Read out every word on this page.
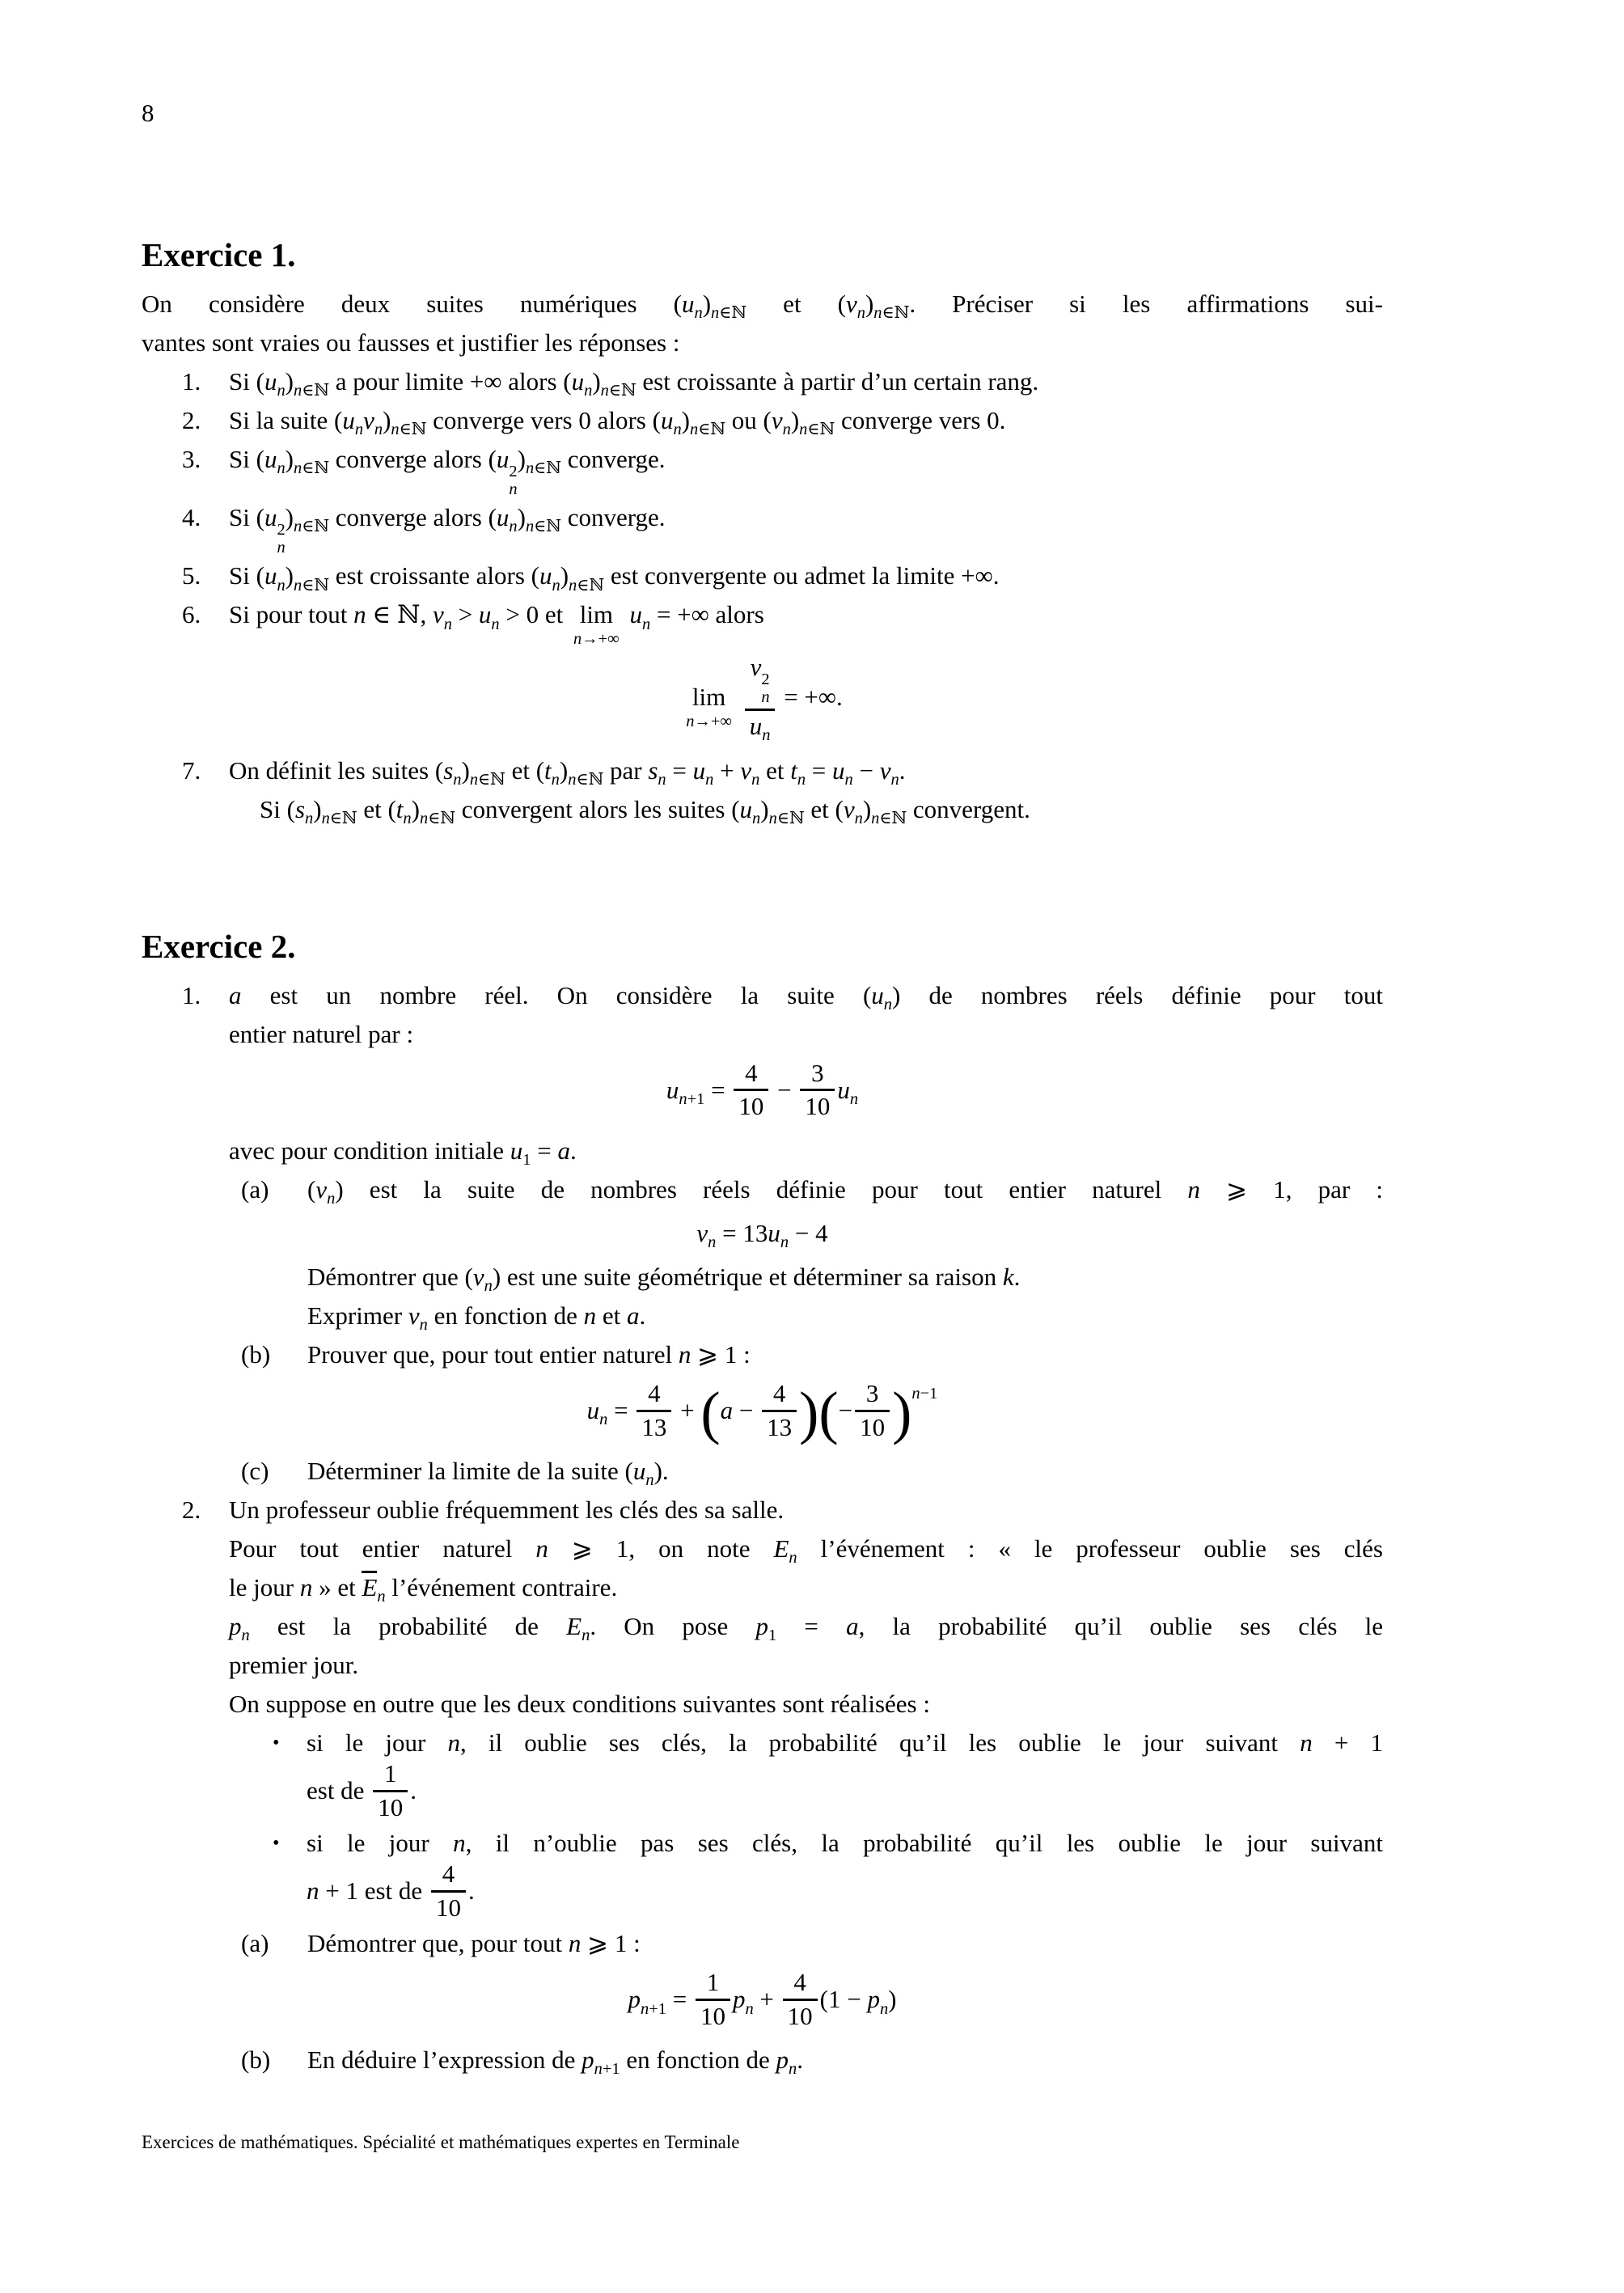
8
Exercice 1.
On considère deux suites numériques $(u_n)_{n\in ℕ}$ et $(v_n)_{n\in ℕ}$. Préciser si les affirmations sui-
vantes sont vraies ou fausses et justifier les réponses :
1. Si $(u_n)_{n\in ℕ}$ a pour limite +∞ alors $(u_n)_{n\in ℕ}$ est croissante à partir d’un certain rang.
2. Si la suite $(u_nv_n)_{n\in ℕ}$ converge vers 0 alors $(u_n)_{n\in ℕ}$ ou $(v_n)_{n\in ℕ}$ converge vers 0.
3. Si $(u_n)_{n\in ℕ}$ converge alors (u 2
n
)$_{n\in ℕ}$ converge.
4. Si (u 2
n
)$_{n\in ℕ}$ converge alors $(u_n)_{n\in ℕ}$ converge.
5. Si $(u_n)_{n\in ℕ}$ est croissante alors $(u_n)_{n\in ℕ}$ est convergente ou admet la limite +∞.
6. Si pour tout n ∈ ℕ, $v_n > u_n > 0$ et lim
n→+∞
$u_n$ = +∞ alors
lim
n→+∞
v 2
n
$u_n$ = +∞.
7. On définit les suites $(s_n)_{n\in ℕ}$ et $(t_n)_{n\in ℕ}$ par $s_n = u_n + v_n$ et $t_n = u_n - v_n$.
Si $(s_n)_{n\in ℕ}$ et $(t_n)_{n\in ℕ}$ convergent alors les suites $(u_n)_{n\in ℕ}$ et $(v_n)_{n\in ℕ}$ convergent.
Exercice 2.
1. a est un nombre réel. On considère la suite $(u_n)$ de nombres réels définie pour tout
entier naturel par :
$u_{n+1} = \frac{4}{10} - \frac{3}{10} u_n$
avec pour condition initiale $u_1 = a$.
(a) $(v_n)$ est la suite de nombres réels définie pour tout entier naturel n ⩾ 1, par :
$v_n = 13u_n - 4$
Démontrer que $(v_n)$ est une suite géométrique et déterminer sa raison k.
Exprimer $v_n$ en fonction de n et a.
(b) Prouver que, pour tout entier naturel n ⩾ 1 :
$u_n = \frac{4}{13} + (a - \frac{4}{13}$ )(− $\frac{3}{10} )^{n-1}$
(c) Déterminer la limite de la suite $(u_n)$.
2. Un professeur oublie fréquemment les clés des sa salle.
Pour tout entier naturel n ⩾ 1, on note $E_n$ l’événement : « le professeur oublie ses clés
le jour n » et $E_n$ l’événement contraire.
$p_n$ est la probabilité de $E_n$. On pose $p_1 = a$, la probabilité qu’il oublie ses clés le
premier jour.
On suppose en outre que les deux conditions suivantes sont réalisées :
• si le jour n, il oublie ses clés, la probabilité qu’il les oublie le jour suivant n + 1
est de $\frac{1}{10}$ .
• si le jour n, il n’oublie pas ses clés, la probabilité qu’il les oublie le jour suivant
n + 1 est de $\frac{4}{10}$ .
(a) Démontrer que, pour tout n ⩾ 1 :
$p_{n+1} = \frac{1}{10} p_n + \frac{4}{10} (1 - p_n)$
(b) En déduire l’expression de $p_{n+1}$ en fonction de $p_n$.
Exercices de mathématiques. Spécialité et mathématiques expertes en Terminale
